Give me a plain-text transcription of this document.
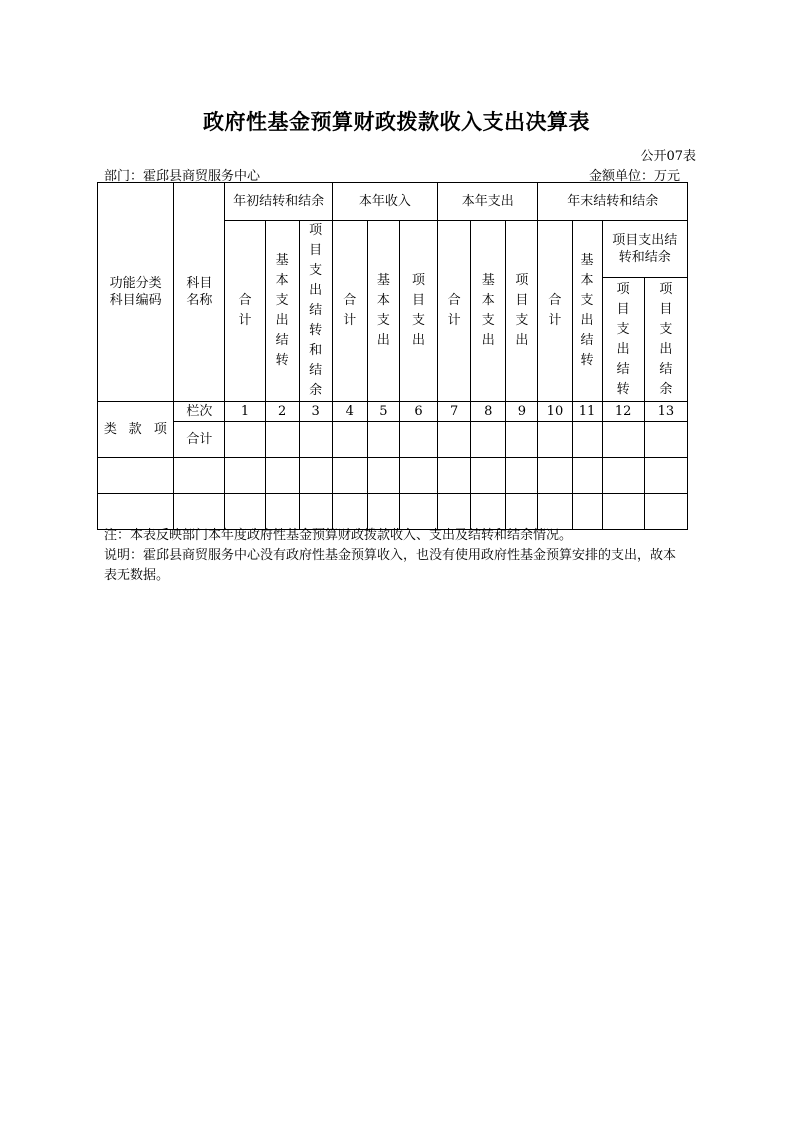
政府性基金预算财政拨款收入支出决算表
公开07表
部门：霍邱县商贸服务中心	金额单位：万元
功能分类科目编码	科目名称	年初结转和结余			本年收入			本年支出			年末结转和结余			
		合计	基本支出结转	项目支出结转和结余	合计	基本支出	项目支出	合计	基本支出	项目支出	合计	基本支出结转	项目支出结转和结余	
													项目支出结转	项目支出结余

类 款 项	栏次	1	2	3	4	5	6	7	8	9	10	11	12	13
	合计													

注：本表反映部门本年度政府性基金预算财政拨款收入、支出及结转和结余情况。
说明：霍邱县商贸服务中心没有政府性基金预算收入，也没有使用政府性基金预算安排的支出，故本表无数据。
